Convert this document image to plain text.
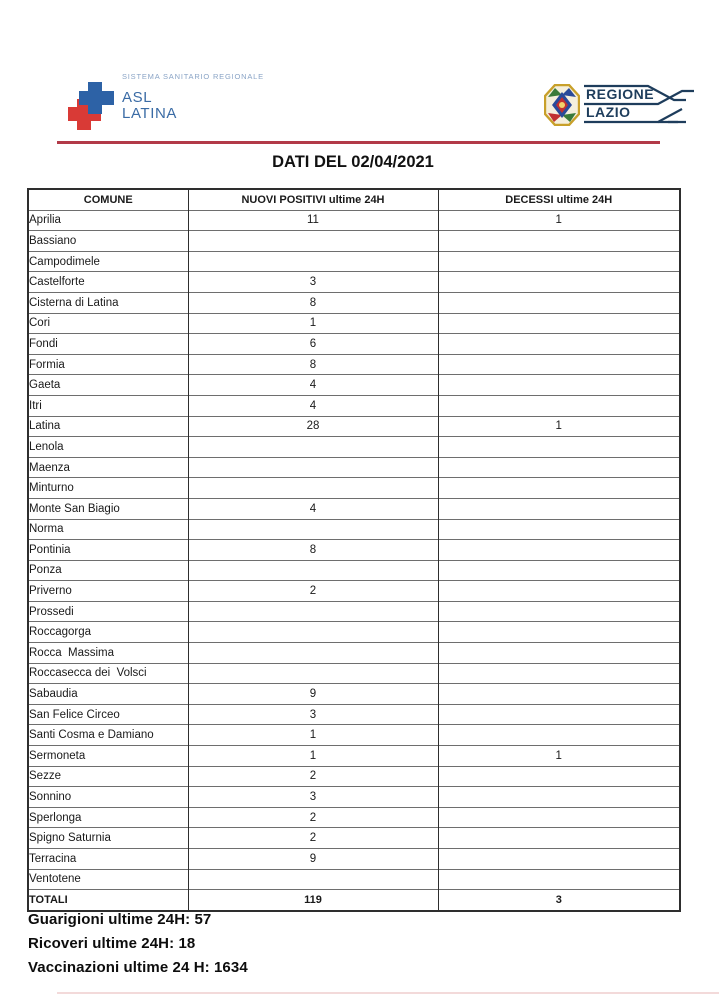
SISTEMA SANITARIO REGIONALE
ASL
LATINA
REGIONE
LAZIO
DATI DEL 02/04/2021
COMUNE	NUOVI POSITIVI ultime 24H	DECESSI ultime 24H
Aprilia	11	1
Bassiano		
Campodimele		
Castelforte	3	
Cisterna di Latina	8	
Cori	1	
Fondi	6	
Formia	8	
Gaeta	4	
Itri	4	
Latina	28	1
Lenola		
Maenza		
Minturno		
Monte San Biagio	4	
Norma		
Pontinia	8	
Ponza		
Priverno	2	
Prossedi		
Roccagorga		
Rocca  Massima		
Roccasecca dei  Volsci		
Sabaudia	9	
San Felice Circeo	3	
Santi Cosma e Damiano	1	
Sermoneta	1	1
Sezze	2	
Sonnino	3	
Sperlonga	2	
Spigno Saturnia	2	
Terracina	9	
Ventotene		
TOTALI	119	3
Guarigioni ultime 24H: 57
Ricoveri ultime 24H: 18
Vaccinazioni ultime 24 H: 1634
